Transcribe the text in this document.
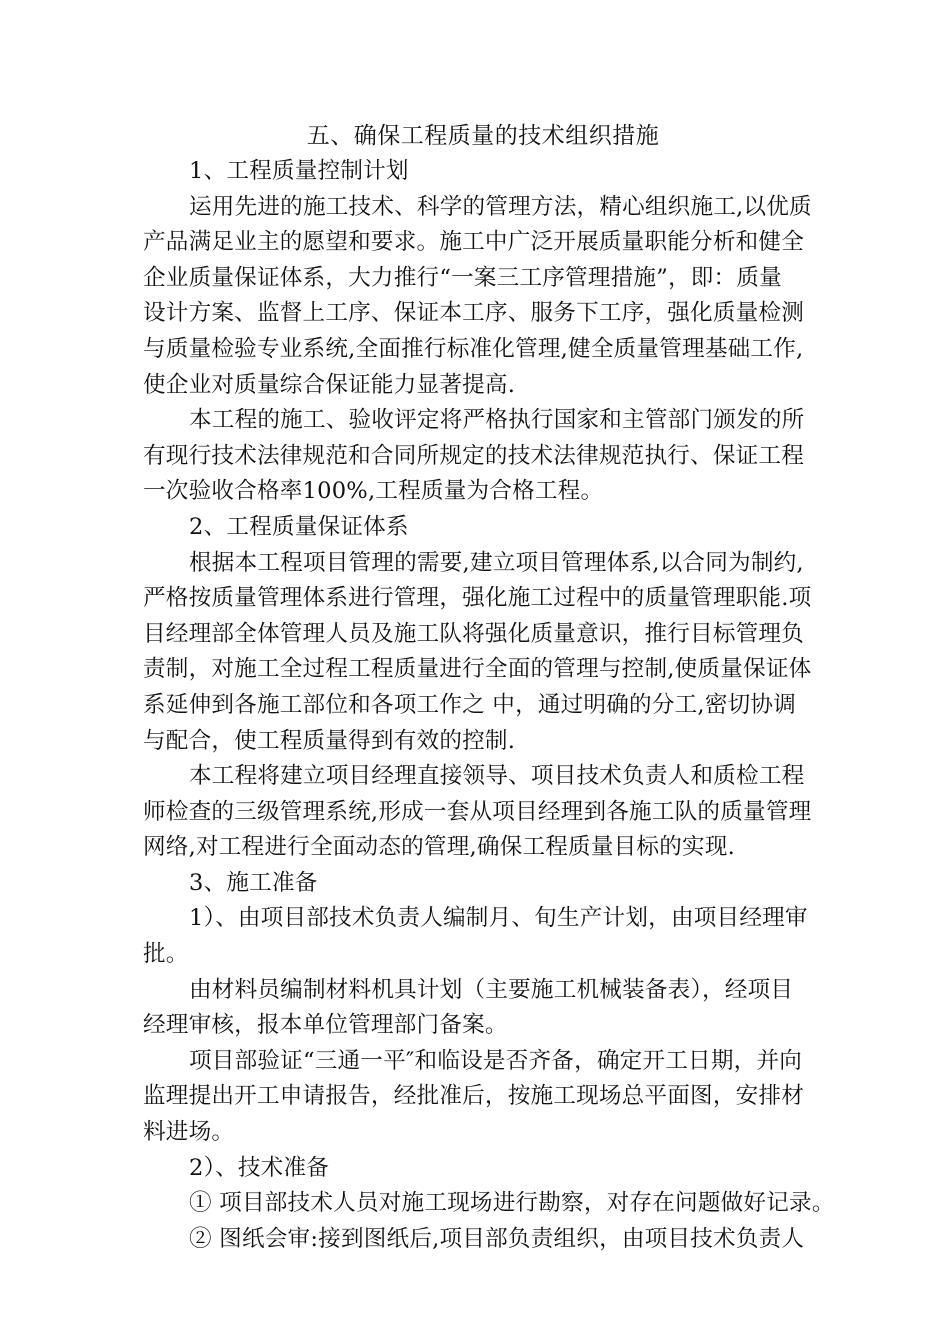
五、确保工程质量的技术组织措施
1、工程质量控制计划
运用先进的施工技术、科学的管理方法，精心组织施工,以优质
产品满足业主的愿望和要求。施工中广泛开展质量职能分析和健全
企业质量保证体系，大力推行“一案三工序管理措施”，即：质量
设计方案、监督上工序、保证本工序、服务下工序，强化质量检测
与质量检验专业系统,全面推行标准化管理,健全质量管理基础工作,
使企业对质量综合保证能力显著提高.
本工程的施工、验收评定将严格执行国家和主管部门颁发的所
有现行技术法律规范和合同所规定的技术法律规范执行、保证工程
一次验收合格率100%,工程质量为合格工程。
2、工程质量保证体系
根据本工程项目管理的需要,建立项目管理体系,以合同为制约,
严格按质量管理体系进行管理，强化施工过程中的质量管理职能.项
目经理部全体管理人员及施工队将强化质量意识，推行目标管理负
责制，对施工全过程工程质量进行全面的管理与控制,使质量保证体
系延伸到各施工部位和各项工作之 中，通过明确的分工,密切协调
与配合，使工程质量得到有效的控制.
本工程将建立项目经理直接领导、项目技术负责人和质检工程
师检查的三级管理系统,形成一套从项目经理到各施工队的质量管理
网络,对工程进行全面动态的管理,确保工程质量目标的实现.
3、施工准备
1）、由项目部技术负责人编制月、旬生产计划，由项目经理审
批。
由材料员编制材料机具计划（主要施工机械装备表），经项目
经理审核，报本单位管理部门备案。
项目部验证“三通一平″和临设是否齐备，确定开工日期，并向
监理提出开工申请报告，经批准后，按施工现场总平面图，安排材
料进场。
2）、技术准备
① 项目部技术人员对施工现场进行勘察，对存在问题做好记录。
② 图纸会审:接到图纸后,项目部负责组织，由项目技术负责人
